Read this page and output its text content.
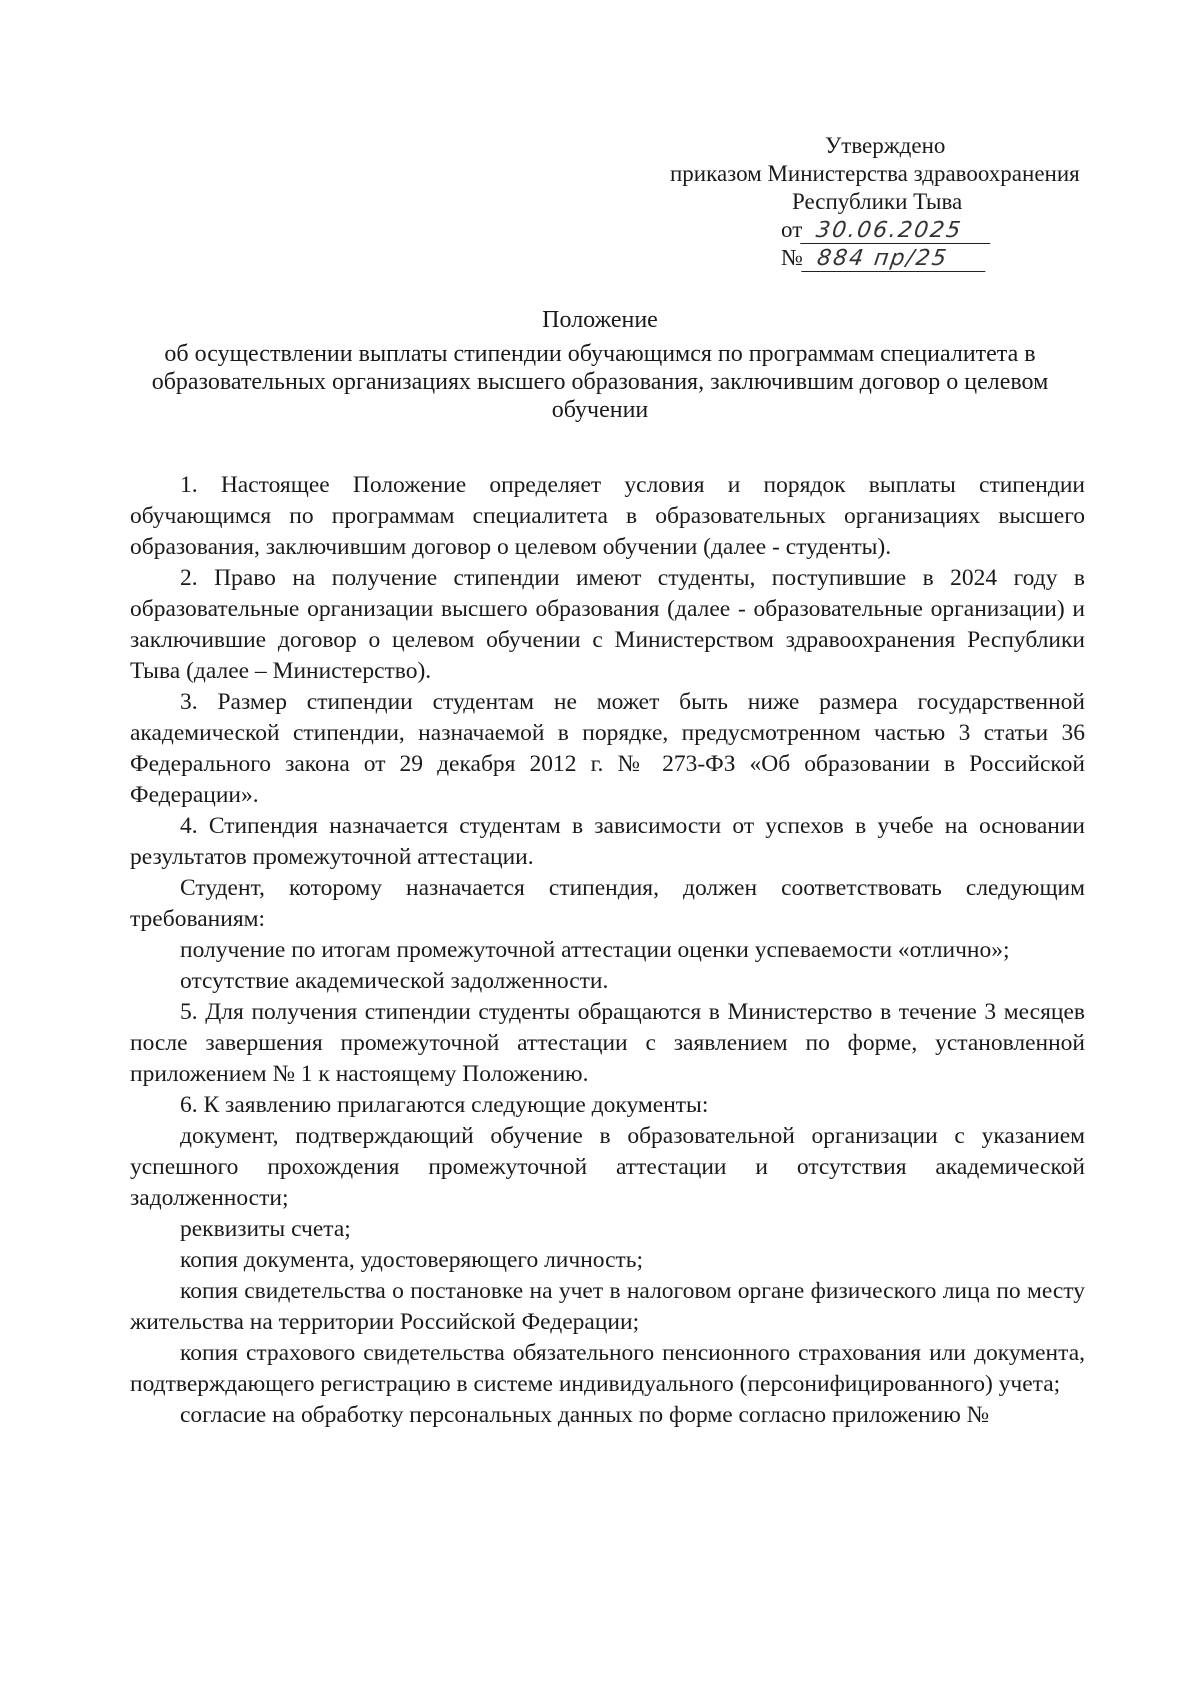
Утверждено
приказом Министерства здравоохранения
Республики Тыва
от 30.06.2025
№ 884 пр/25
Положение
об осуществлении выплаты стипендии обучающимся по программам специалитета в образовательных организациях высшего образования, заключившим договор о целевом обучении

1. Настоящее Положение определяет условия и порядок выплаты стипендии обучающимся по программам специалитета в образовательных организациях высшего образования, заключившим договор о целевом обучении (далее - студенты).

2. Право на получение стипендии имеют студенты, поступившие в 2024 году в образовательные организации высшего образования (далее - образовательные организации) и заключившие договор о целевом обучении с Министерством здравоохранения Республики Тыва (далее – Министерство).

3. Размер стипендии студентам не может быть ниже размера государственной академической стипендии, назначаемой в порядке, предусмотренном частью 3 статьи 36 Федерального закона от 29 декабря 2012 г. № 273-ФЗ «Об образовании в Российской Федерации».

4. Стипендия назначается студентам в зависимости от успехов в учебе на основании результатов промежуточной аттестации.

Студент, которому назначается стипендия, должен соответствовать следующим требованиям:

получение по итогам промежуточной аттестации оценки успеваемости «отлично»;

отсутствие академической задолженности.

5. Для получения стипендии студенты обращаются в Министерство в течение 3 месяцев после завершения промежуточной аттестации с заявлением по форме, установленной приложением № 1 к настоящему Положению.

6. К заявлению прилагаются следующие документы:

документ, подтверждающий обучение в образовательной организации с указанием успешного прохождения промежуточной аттестации и отсутствия академической задолженности;

реквизиты счета;

копия документа, удостоверяющего личность;

копия свидетельства о постановке на учет в налоговом органе физического лица по месту жительства на территории Российской Федерации;

копия страхового свидетельства обязательного пенсионного страхования или документа, подтверждающего регистрацию в системе индивидуального (персонифицированного) учета;

согласие на обработку персональных данных по форме согласно приложению №
